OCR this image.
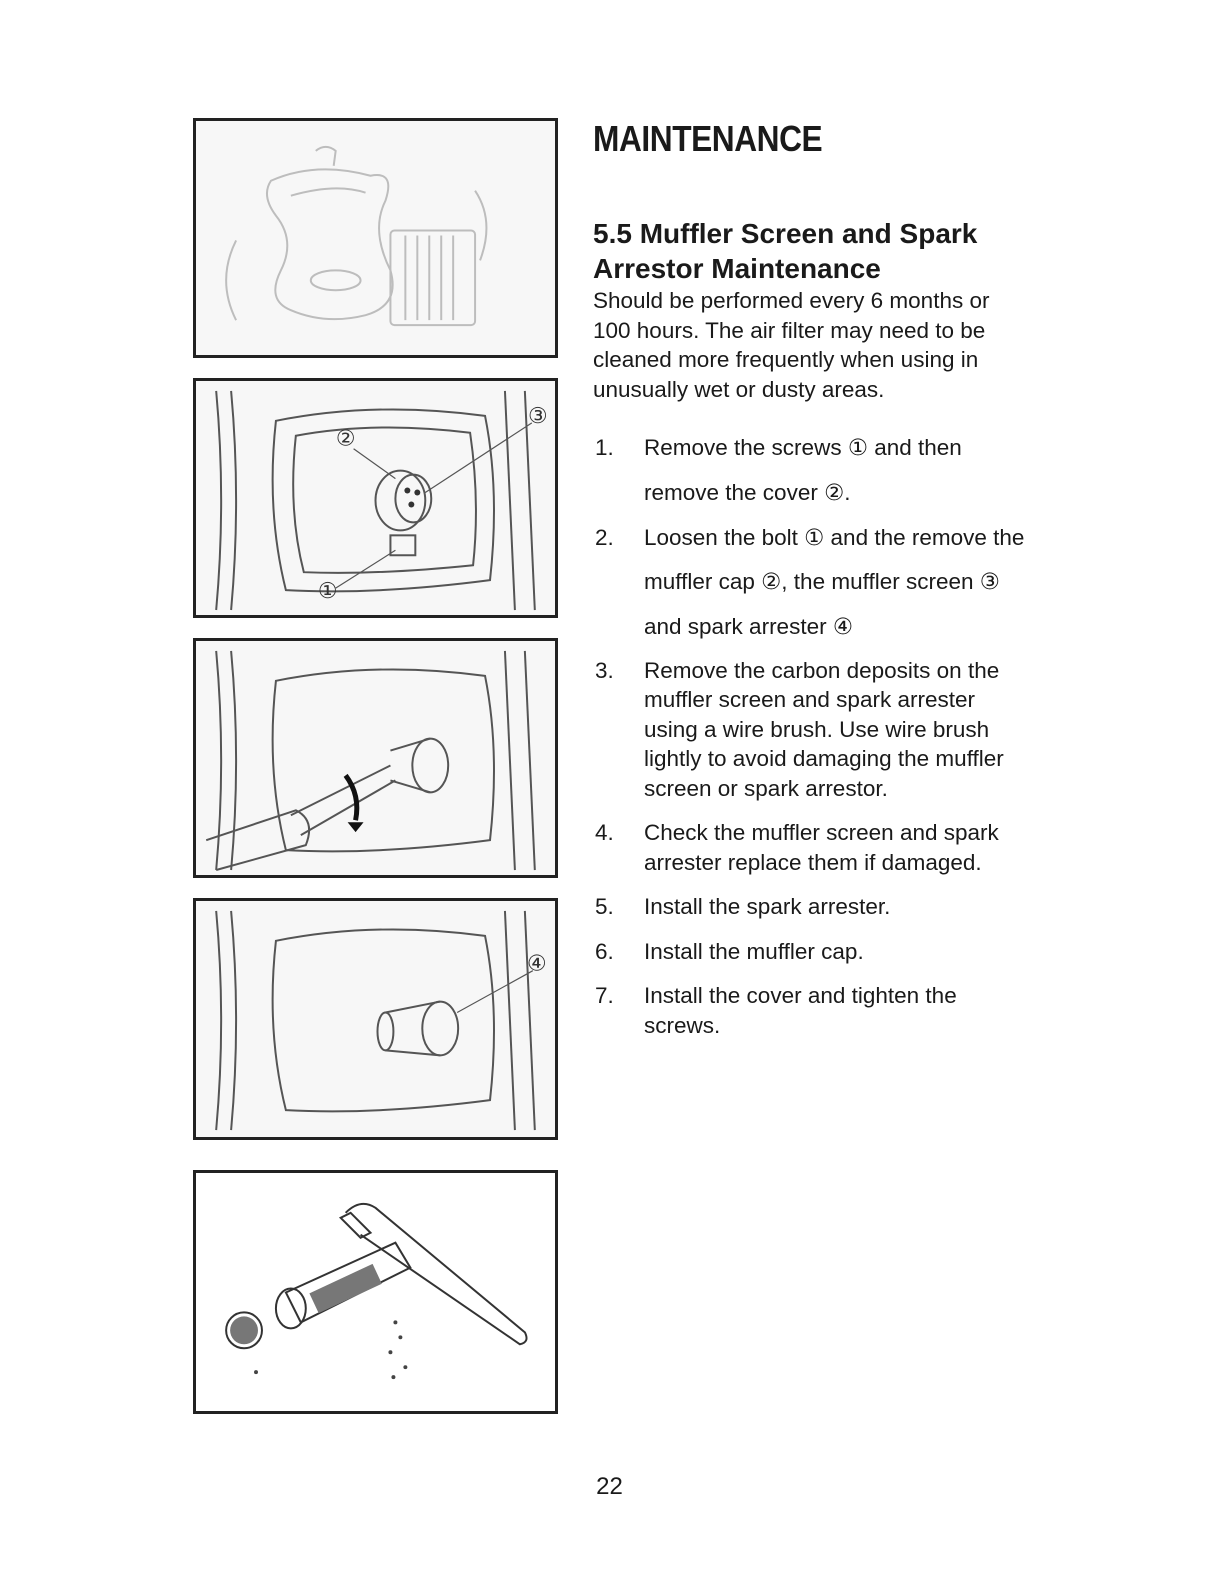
②
③
①
④
MAINTENANCE
5.5 Muffler Screen and Spark
Arrestor Maintenance
Should be performed every 6 months or 100 hours. The air filter may need to be cleaned more frequently when using in unusually wet or dusty areas.
1. Remove the screws ① and then remove the cover ②.
2. Loosen the bolt ① and the remove the muffler cap ②, the muffler screen ③ and spark arrester ④
3. Remove the carbon deposits on the muffler screen and spark arrester using a wire brush. Use wire brush lightly to avoid damaging the muffler screen or spark arrestor.
4. Check the muffler screen and spark arrester replace them if damaged.
5. Install the spark arrester.
6. Install the muffler cap.
7. Install the cover and tighten the screws.
22
